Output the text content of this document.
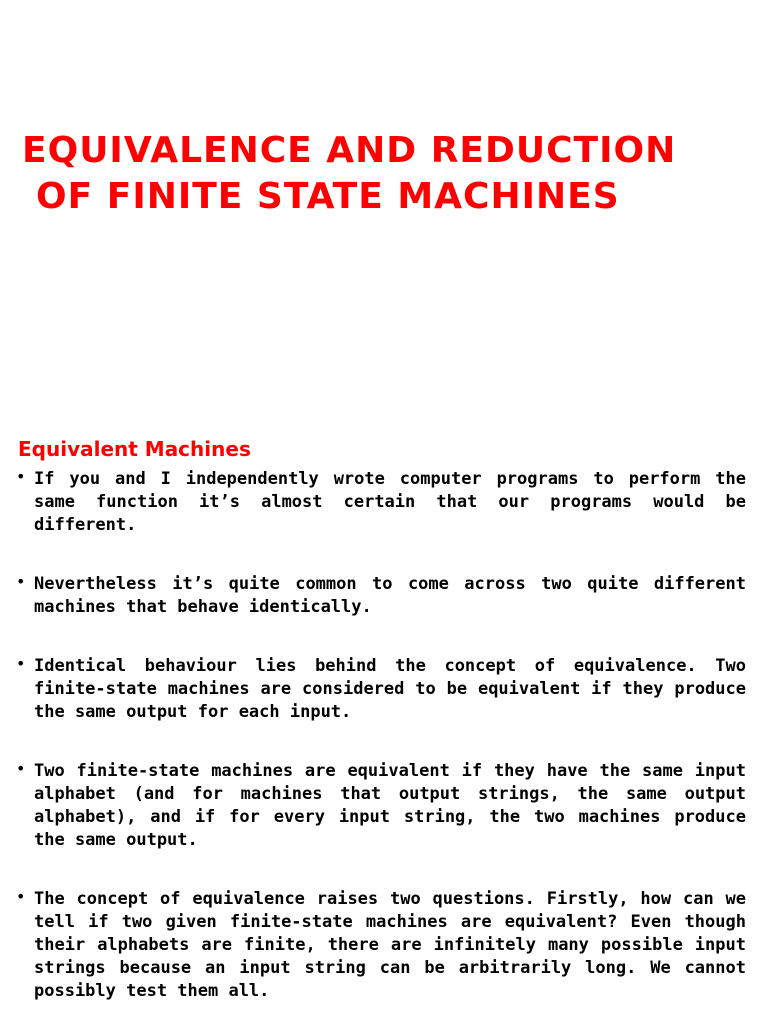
EQUIVALENCE AND REDUCTION
OF FINITE STATE MACHINES
Equivalent Machines
• If you and I independently wrote computer programs to perform the same function it’s almost certain that our programs would be different.
• Nevertheless it’s quite common to come across two quite different machines that behave identically.
• Identical behaviour lies behind the concept of equivalence. Two finite-state machines are considered to be equivalent if they produce the same output for each input.
• Two finite-state machines are equivalent if they have the same input alphabet (and for machines that output strings, the same output alphabet), and if for every input string, the two machines produce the same output.
• The concept of equivalence raises two questions. Firstly, how can we tell if two given finite-state machines are equivalent? Even though their alphabets are finite, there are infinitely many possible input strings because an input string can be arbitrarily long. We cannot possibly test them all.
